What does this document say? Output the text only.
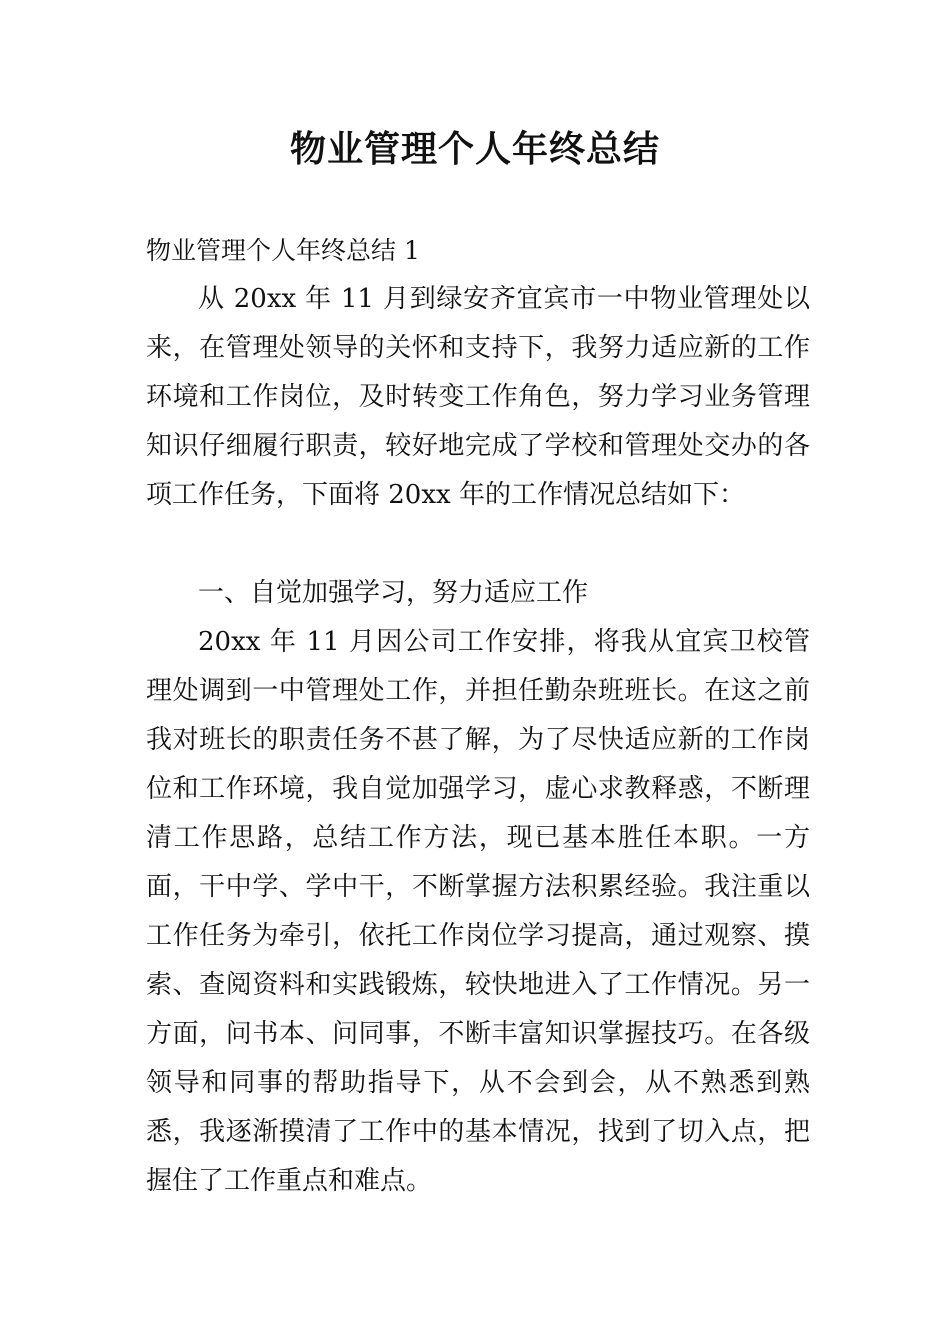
物业管理个人年终总结

物业管理个人年终总结 1

从 20xx 年 11 月到绿安齐宜宾市一中物业管理处以来，在管理处领导的关怀和支持下，我努力适应新的工作环境和工作岗位，及时转变工作角色，努力学习业务管理知识仔细履行职责，较好地完成了学校和管理处交办的各项工作任务，下面将 20xx 年的工作情况总结如下：

一、自觉加强学习，努力适应工作

20xx 年 11 月因公司工作安排，将我从宜宾卫校管理处调到一中管理处工作，并担任勤杂班班长。在这之前我对班长的职责任务不甚了解，为了尽快适应新的工作岗位和工作环境，我自觉加强学习，虚心求教释惑，不断理清工作思路，总结工作方法，现已基本胜任本职。一方面，干中学、学中干，不断掌握方法积累经验。我注重以工作任务为牵引，依托工作岗位学习提高，通过观察、摸索、查阅资料和实践锻炼，较快地进入了工作情况。另一方面，问书本、问同事，不断丰富知识掌握技巧。在各级领导和同事的帮助指导下，从不会到会，从不熟悉到熟悉，我逐渐摸清了工作中的基本情况，找到了切入点，把握住了工作重点和难点。
